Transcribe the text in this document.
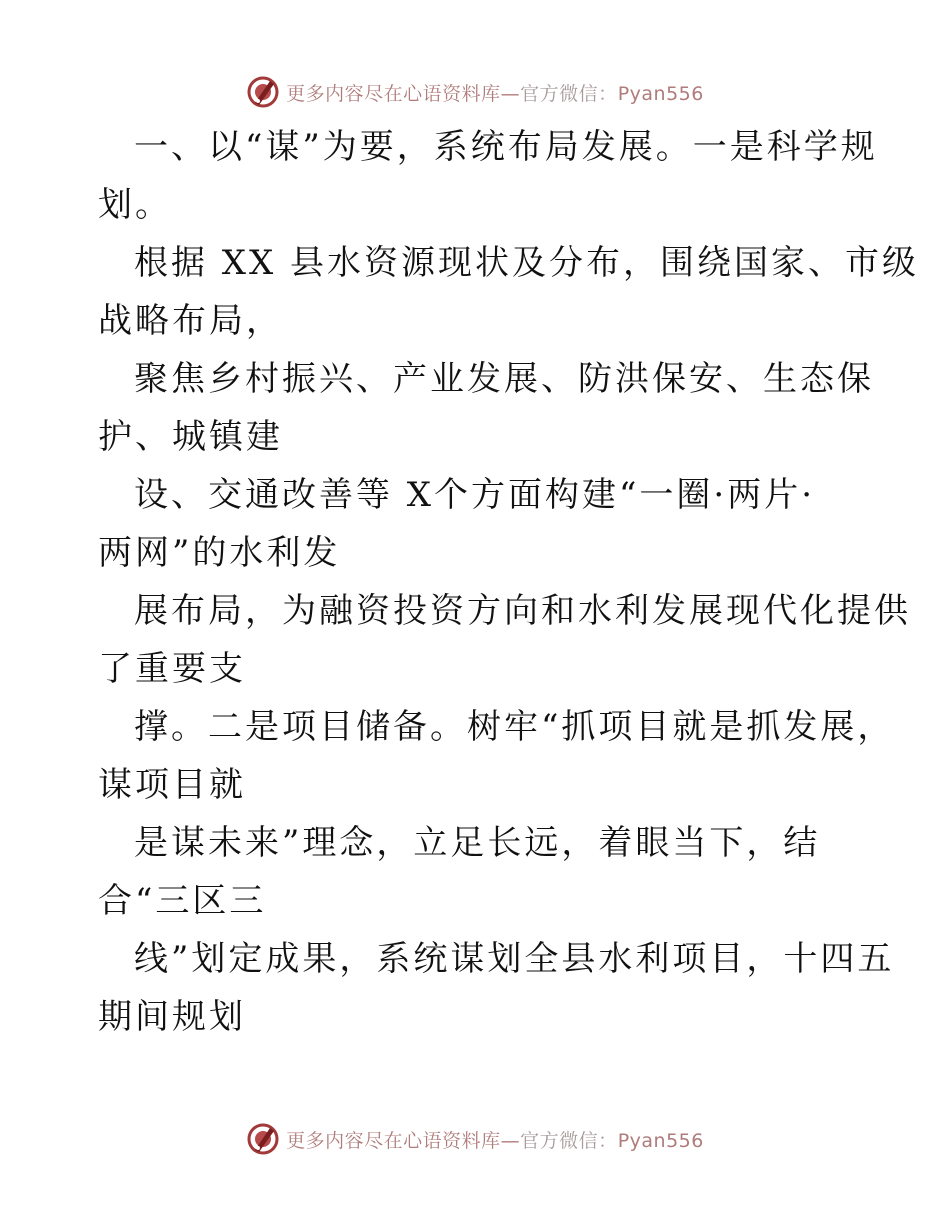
更多内容尽在心语资料库—官方微信：Pyan556
一、以“谋”为要，系统布局发展。一是科学规
划。
根据 XX 县水资源现状及分布，围绕国家、市级
战略布局，
聚焦乡村振兴、产业发展、防洪保安、生态保
护、城镇建
设、交通改善等 X个方面构建“一圈·两片·
两网”的水利发
展布局，为融资投资方向和水利发展现代化提供
了重要支
撑。二是项目储备。树牢“抓项目就是抓发展，
谋项目就
是谋未来”理念，立足长远，着眼当下，结
合“三区三
线”划定成果，系统谋划全县水利项目，十四五
期间规划
更多内容尽在心语资料库—官方微信：Pyan556
